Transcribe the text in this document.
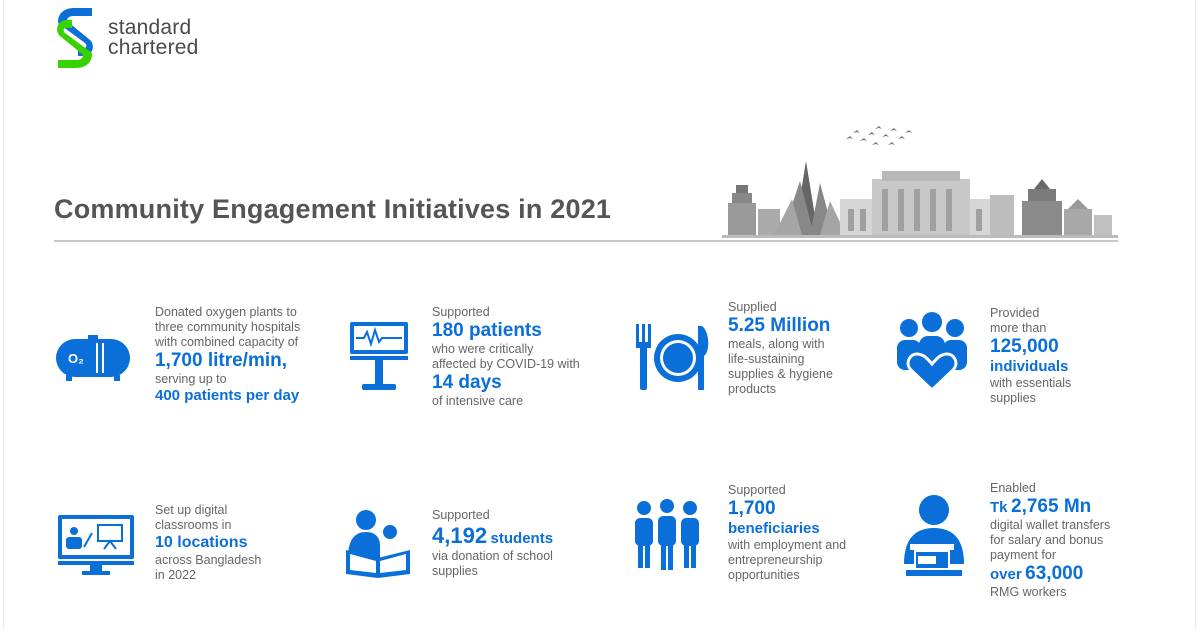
standard
chartered
Community Engagement Initiatives in 2021
O₂
Donated oxygen plants to
three community hospitals
with combined capacity of
1,700 litre/min,
serving up to
400 patients per day
Supported
180 patients
who were critically
affected by COVID-19 with
14 days
of intensive care
Supplied
5.25 Million
meals, along with
life-sustaining
supplies & hygiene
products
Provided
more than
125,000
individuals
with essentials
supplies
Set up digital
classrooms in
10 locations
across Bangladesh
in 2022
Supported
4,192 students
via donation of school
supplies
Supported
1,700
beneficiaries
with employment and
entrepreneurship
opportunities
Enabled
Tk 2,765 Mn
digital wallet transfers
for salary and bonus
payment for
over 63,000
RMG workers
